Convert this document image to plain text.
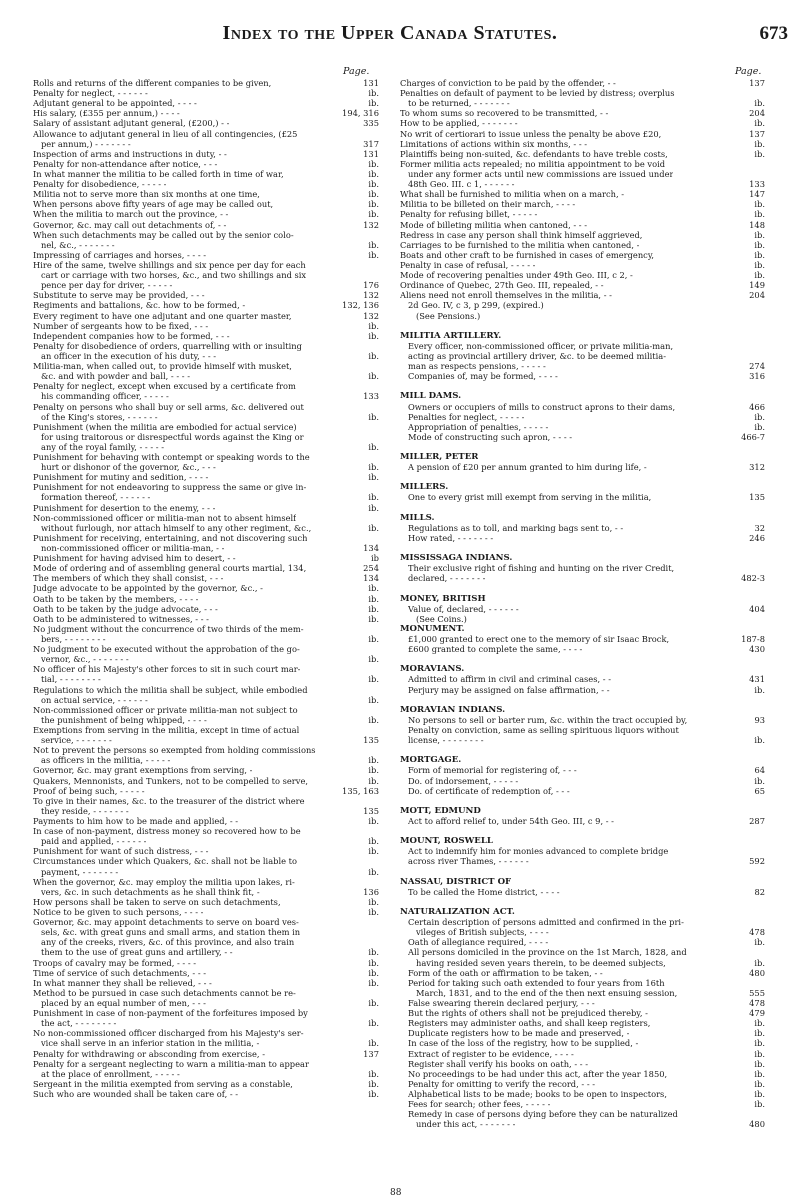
Index to the Upper Canada Statutes.	673
Page.	Page.
Rolls and returns of the different companies to be given,	131
Penalty for neglect, - - - - - -	ib.
Adjutant general to be appointed, - - - -	ib.
His salary, (£355 per annum,) - - - -	194, 316
Salary of assistant adjutant general, (£200,) - -	335
Allowance to adjutant general in lieu of all contingencies, (£25
per annum,) - - - - - - -	317
Inspection of arms and instructions in duty, - -	131
Penalty for non-attendance after notice, - - -	ib.
In what manner the militia to be called forth in time of war,	ib.
Penalty for disobedience, - - - - -	ib.
Militia not to serve more than six months at one time,	ib.
When persons above fifty years of age may be called out,	ib.
When the militia to march out the province, - -	ib.
Governor, &c. may call out detachments of, - -	132
When such detachments may be called out by the senior colo-
nel, &c., - - - - - - -	ib.
Impressing of carriages and horses, - - - -	ib.
Hire of the same, twelve shillings and six pence per day for each
cart or carriage with two horses, &c., and two shillings and six
pence per day for driver, - - - - -	176
Substitute to serve may be provided, - - -	132
Regiments and battalions, &c. how to be formed, -	132, 136
Every regiment to have one adjutant and one quarter master,	132
Number of sergeants how to be fixed, - - -	ib.
Independent companies how to be formed, - - -	ib.
Penalty for disobedience of orders, quarrelling with or insulting
an officer in the execution of his duty, - - -	ib.
Militia-man, when called out, to provide himself with musket,
&c. and with powder and ball, - - - -	ib.
Penalty for neglect, except when excused by a certificate from
his commanding officer, - - - - -	133
Penalty on persons who shall buy or sell arms, &c. delivered out
of the King's stores, - - - - - -	ib.
Punishment (when the militia are embodied for actual service)
for using traitorous or disrespectful words against the King or
any of the royal family, - - - - -	ib.
Punishment for behaving with contempt or speaking words to the
hurt or dishonor of the governor, &c., - - -	ib.
Punishment for mutiny and sedition, - - - -	ib.
Punishment for not endeavoring to suppress the same or give in-
formation thereof, - - - - - -	ib.
Punishment for desertion to the enemy, - - -	ib.
Non-commissioned officer or militia-man not to absent himself
without furlough, nor attach himself to any other regiment, &c.,	ib.
Punishment for receiving, entertaining, and not discovering such
non-commissioned officer or militia-man, - -	134
Punishment for having advised him to desert, - -	ib
Mode of ordering and of assembling general courts martial, 134,	254
The members of which they shall consist, - - -	134
Judge advocate to be appointed by the governor, &c., -	ib.
Oath to be taken by the members, - - - -	ib.
Oath to be taken by the judge advocate, - - -	ib.
Oath to be administered to witnesses, - - -	ib.
No judgment without the concurrence of two thirds of the mem-
bers, - - - - - - - -	ib.
No judgment to be executed without the approbation of the go-
vernor, &c., - - - - - - -	ib.
No officer of his Majesty's other forces to sit in such court mar-
tial, - - - - - - - -	ib.
Regulations to which the militia shall be subject, while embodied
on actual service, - - - - - -	ib.
Non-commissioned officer or private militia-man not subject to
the punishment of being whipped, - - - -	ib.
Exemptions from serving in the militia, except in time of actual
service, - - - - - - -	135
Not to prevent the persons so exempted from holding commissions
as officers in the militia, - - - - -	ib.
Governor, &c. may grant exemptions from serving, -	ib.
Quakers, Mennonists, and Tunkers, not to be compelled to serve,	ib.
Proof of being such, - - - - -	135, 163
To give in their names, &c. to the treasurer of the district where
they reside, - - - - - - -	135
Payments to him how to be made and applied, - -	ib.
In case of non-payment, distress money so recovered how to be
paid and applied, - - - - - -	ib.
Punishment for want of such distress, - - -	ib.
Circumstances under which Quakers, &c. shall not be liable to
payment, - - - - - - -	ib.
When the governor, &c. may employ the militia upon lakes, ri-
vers, &c. in such detachments as he shall think fit, -	136
How persons shall be taken to serve on such detachments,	ib.
Notice to be given to such persons, - - - -	ib.
Governor, &c. may appoint detachments to serve on board ves-
sels, &c. with great guns and small arms, and station them in
any of the creeks, rivers, &c. of this province, and also train
them to the use of great guns and artillery, - -	ib.
Troops of cavalry may be formed, - - - -	ib.
Time of service of such detachments, - - -	ib.
In what manner they shall be relieved, - - -	ib.
Method to be pursued in case such detachments cannot be re-
placed by an equal number of men, - - -	ib.
Punishment in case of non-payment of the forfeitures imposed by
the act, - - - - - - - -	ib.
No non-commissioned officer discharged from his Majesty's ser-
vice shall serve in an inferior station in the militia, -	ib.
Penalty for withdrawing or absconding from exercise, -	137
Penalty for a sergeant neglecting to warn a militia-man to appear
at the place of enrollment, - - - - -	ib.
Sergeant in the militia exempted from serving as a constable,	ib.
Such who are wounded shall be taken care of, - -	ib.
Charges of conviction to be paid by the offender, - -	137
Penalties on default of payment to be levied by distress; overplus
to be returned, - - - - - - -	ib.
To whom sums so recovered to be transmitted, - -	204
How to be applied, - - - - - - -	ib.
No writ of certiorari to issue unless the penalty be above £20,	137
Limitations of actions within six months, - - -	ib.
Plaintiffs being non-suited, &c. defendants to have treble costs,	ib.
Former militia acts repealed; no militia appointment to be void
under any former acts until new commissions are issued under
48th Geo. III. c 1, - - - - - -	133
What shall be furnished to militia when on a march, -	147
Militia to be billeted on their march, - - - -	ib.
Penalty for refusing billet, - - - - -	ib.
Mode of billeting militia when cantoned, - - -	148
Redress in case any person shall think himself aggrieved,	ib.
Carriages to be furnished to the militia when cantoned, -	ib.
Boats and other craft to be furnished in cases of emergency,	ib.
Penalty in case of refusal, - - - - -	ib.
Mode of recovering penalties under 49th Geo. III, c 2, -	ib.
Ordinance of Quebec, 27th Geo. III, repealed, - -	149
Aliens need not enroll themselves in the militia, - -	204
2d Geo. IV, c 3, p 299, (expired.)
(See Pensions.)
MILITIA ARTILLERY.
Every officer, non-commissioned officer, or private militia-man,
acting as provincial artillery driver, &c. to be deemed militia-
man as respects pensions, - - - - -	274
Companies of, may be formed, - - - -	316
MILL DAMS.
Owners or occupiers of mills to construct aprons to their dams,	466
Penalties for neglect, - - - - -	ib.
Appropriation of penalties, - - - - -	ib.
Mode of constructing such apron, - - - -	466-7
MILLER, PETER
A pension of £20 per annum granted to him during life, -	312
MILLERS.
One to every grist mill exempt from serving in the militia,	135
MILLS.
Regulations as to toll, and marking bags sent to, - -	32
How rated, - - - - - - -	246
MISSISSAGA INDIANS.
Their exclusive right of fishing and hunting on the river Credit,
declared, - - - - - - -	482-3
MONEY, BRITISH
Value of, declared, - - - - - -	404
(See Coins.)
MONUMENT.
£1,000 granted to erect one to the memory of sir Isaac Brock,	187-8
£600 granted to complete the same, - - - -	430
MORAVIANS.
Admitted to affirm in civil and criminal cases, - -	431
Perjury may be assigned on false affirmation, - -	ib.
MORAVIAN INDIANS.
No persons to sell or barter rum, &c. within the tract occupied by,	93
Penalty on conviction, same as selling spirituous liquors without
license, - - - - - - - -	ib.
MORTGAGE.
Form of memorial for registering of, - - -	64
Do. of indorsement, - - - - -	ib.
Do. of certificate of redemption of, - - -	65
MOTT, EDMUND
Act to afford relief to, under 54th Geo. III, c 9, - -	287
MOUNT, ROSWELL
Act to indemnify him for monies advanced to complete bridge
across river Thames, - - - - - -	592
NASSAU, DISTRICT OF
To be called the Home district, - - - -	82
NATURALIZATION ACT.
Certain description of persons admitted and confirmed in the pri-
vileges of British subjects, - - - -	478
Oath of allegiance required, - - - -	ib.
All persons domiciled in the province on the 1st March, 1828, and
having resided seven years therein, to be deemed subjects,	ib.
Form of the oath or affirmation to be taken, - -	480
Period for taking such oath extended to four years from 16th
March, 1831, and to the end of the then next ensuing session,	555
False swearing therein declared perjury, - - -	478
But the rights of others shall not be prejudiced thereby, -	479
Registers may administer oaths, and shall keep registers,	ib.
Duplicate registers how to be made and preserved, -	ib.
In case of the loss of the registry, how to be supplied, -	ib.
Extract of register to be evidence, - - - -	ib.
Register shall verify his books on oath, - - -	ib.
No proceedings to be had under this act, after the year 1850,	ib.
Penalty for omitting to verify the record, - - -	ib.
Alphabetical lists to be made; books to be open to inspectors,	ib.
Fees for search; other fees, - - - - -	ib.
Remedy in case of persons dying before they can be naturalized
under this act, - - - - - - -	480
88
